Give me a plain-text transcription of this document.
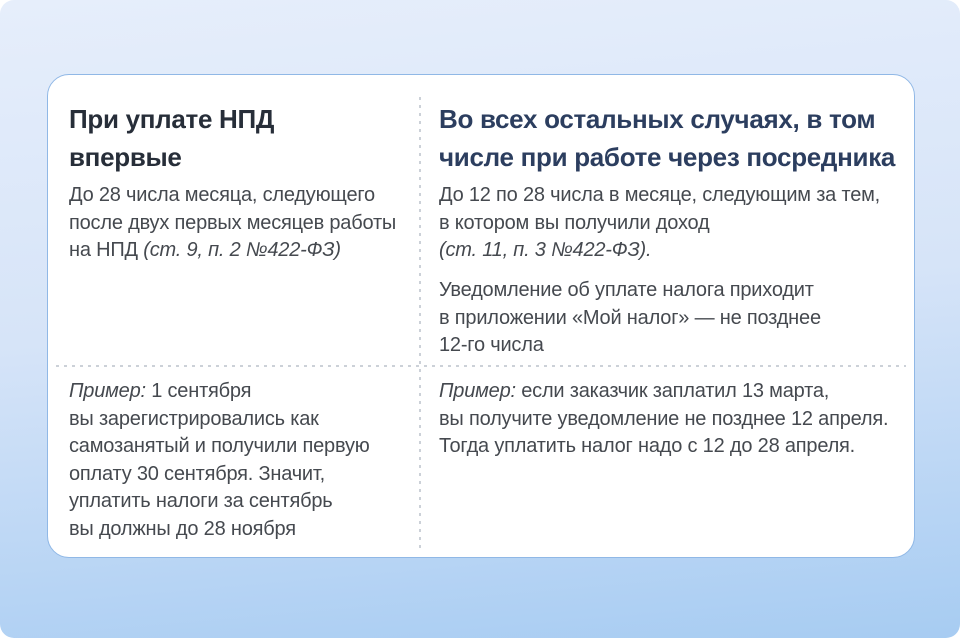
При уплате НПД
впервые

До 28 числа месяца, следующего
после двух первых месяцев работы
на НПД (ст. 9, п. 2 №422-ФЗ)

Пример: 1 сентября
вы зарегистрировались как
самозанятый и получили первую
оплату 30 сентября. Значит,
уплатить налоги за сентябрь
вы должны до 28 ноября

Во всех остальных случаях, в том
числе при работе через посредника

До 12 по 28 числа в месяце, следующим за тем,
в котором вы получили доход
(ст. 11, п. 3 №422-ФЗ).

Уведомление об уплате налога приходит
в приложении «Мой налог» — не позднее
12-го числа

Пример: если заказчик заплатил 13 марта,
вы получите уведомление не позднее 12 апреля.
Тогда уплатить налог надо с 12 до 28 апреля.
